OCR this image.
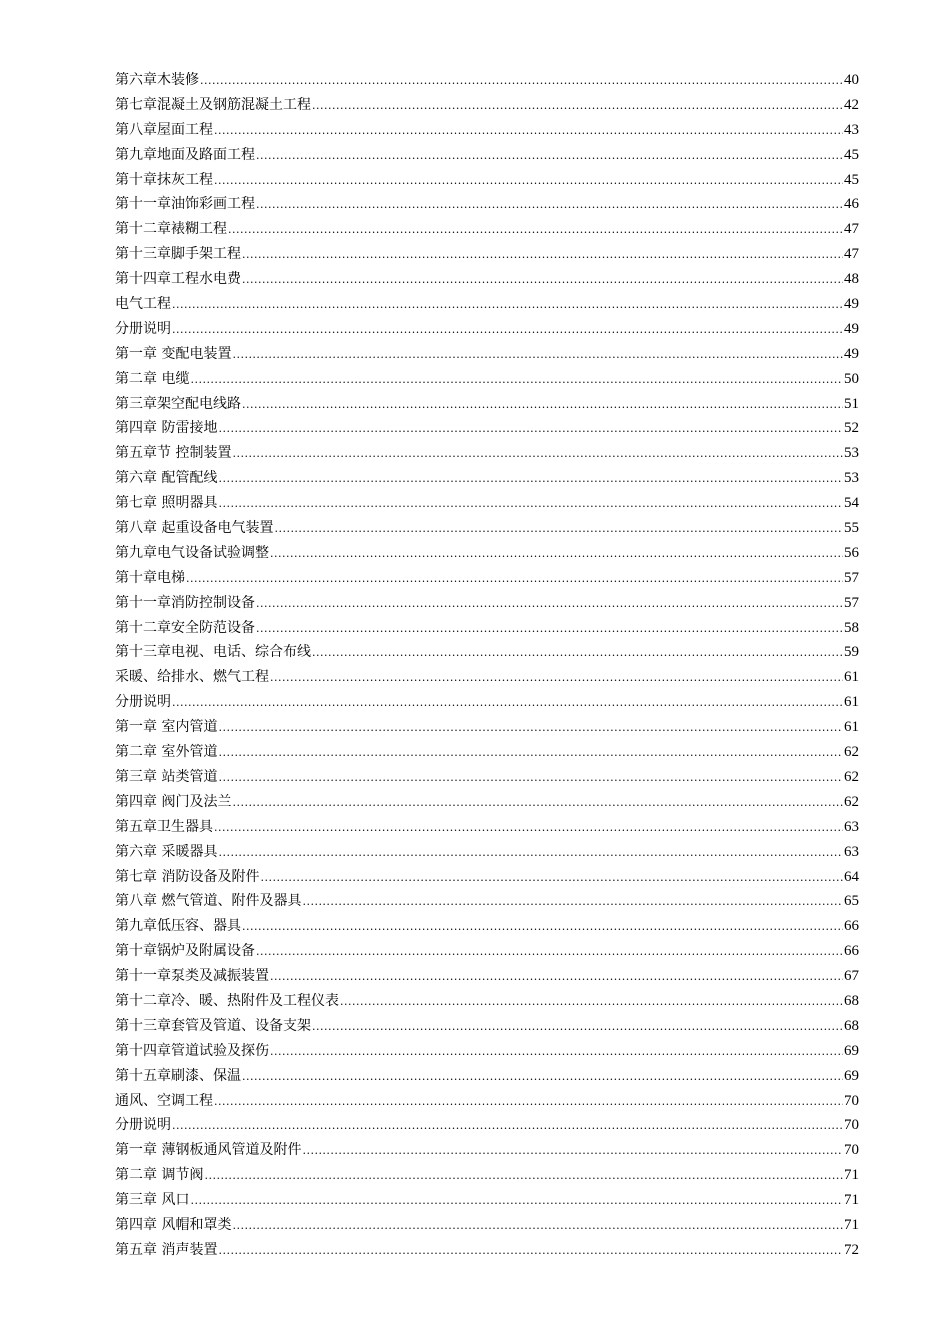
第六章木装修 .....	40
第七章混凝土及钢筋混凝土工程 .....	42
第八章屋面工程 .....	43
第九章地面及路面工程 .....	45
第十章抹灰工程 .....	45
第十一章油饰彩画工程 .....	46
第十二章裱糊工程 .....	47
第十三章脚手架工程 .....	47
第十四章工程水电费 .....	48
电气工程 .....	49
分册说明 .....	49
第一章 变配电装置 .....	49
第二章 电缆 .....	50
第三章架空配电线路 .....	51
第四章 防雷接地 .....	52
第五章节 控制装置 .....	53
第六章 配管配线 .....	53
第七章 照明器具 .....	54
第八章 起重设备电气装置 .....	55
第九章电气设备试验调整 .....	56
第十章电梯 .....	57
第十一章消防控制设备 .....	57
第十二章安全防范设备 .....	58
第十三章电视、电话、综合布线 .....	59
采暖、给排水、燃气工程 .....	61
分册说明 .....	61
第一章 室内管道 .....	61
第二章 室外管道 .....	62
第三章 站类管道 .....	62
第四章 阀门及法兰 .....	62
第五章卫生器具 .....	63
第六章 采暖器具 .....	63
第七章 消防设备及附件 .....	64
第八章 燃气管道、附件及器具 .....	65
第九章低压容、器具 .....	66
第十章锅炉及附属设备 .....	66
第十一章泵类及减振装置 .....	67
第十二章冷、暖、热附件及工程仪表 .....	68
第十三章套管及管道、设备支架 .....	68
第十四章管道试验及探伤 .....	69
第十五章刷漆、保温 .....	69
通风、空调工程 .....	70
分册说明 .....	70
第一章 薄钢板通风管道及附件 .....	70
第二章 调节阀 .....	71
第三章 风口 .....	71
第四章 风帽和罩类 .....	71
第五章 消声装置 .....	72
